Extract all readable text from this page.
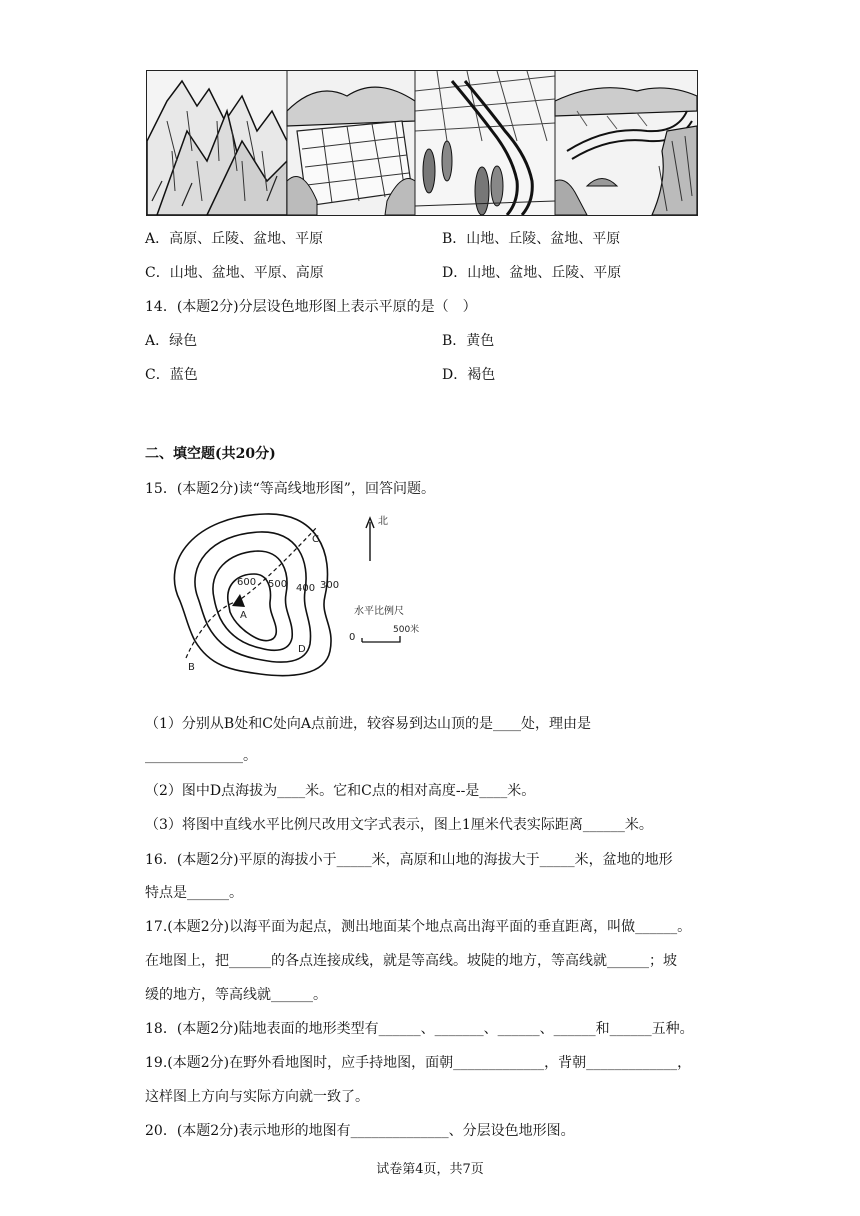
A．高原、丘陵、盆地、平原	B．山地、丘陵、盆地、平原
C．山地、盆地、平原、高原	D．山地、盆地、丘陵、平原
14．(本题2分)分层设色地形图上表示平原的是（　）
A．绿色	B．黄色
C．蓝色	D．褐色
二、填空题(共20分)
15．(本题2分)读“等高线地形图”，回答问题。
600 500 400 300
A
B
C
D
北
水平比例尺
0
500米
（1）分别从B处和C处向A点前进，较容易到达山顶的是____处，理由是
______________。
（2）图中D点海拔为____米。它和C点的相对高度--是____米。
（3）将图中直线水平比例尺改用文字式表示，图上1厘米代表实际距离______米。
16．(本题2分)平原的海拔小于_____米，高原和山地的海拔大于_____米，盆地的地形
特点是______。
17.(本题2分)以海平面为起点，测出地面某个地点高出海平面的垂直距离，叫做______。
在地图上，把______的各点连接成线，就是等高线。坡陡的地方，等高线就______；坡
缓的地方，等高线就______。
18．(本题2分)陆地表面的地形类型有______、_______、______、______和______五种。
19.(本题2分)在野外看地图时，应手持地图，面朝_____________，背朝_____________，
这样图上方向与实际方向就一致了。
20．(本题2分)表示地形的地图有______________、分层设色地形图。
试卷第4页，共7页
